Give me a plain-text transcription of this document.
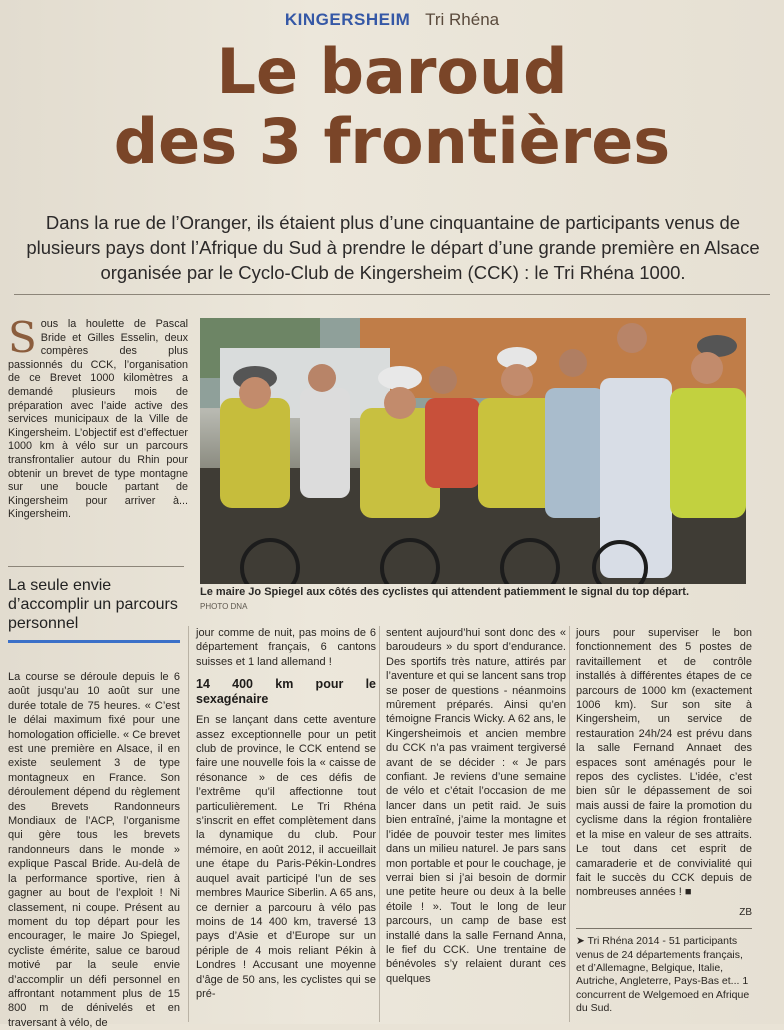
KINGERSHEIM Tri Rhéna
Le baroud
des 3 frontières
Dans la rue de l’Oranger, ils étaient plus d’une cinquantaine de participants venus de plusieurs pays dont l’Afrique du Sud à prendre le départ d’une grande première en Alsace organisée par le Cyclo-Club de Kingersheim (CCK) : le Tri Rhéna 1000.
Sous la houlette de Pascal Bride et Gilles Esselin, deux compères des plus passionnés du CCK, l’organisation de ce Brevet 1000 kilomètres a demandé plusieurs mois de préparation avec l’aide active des services municipaux de la Ville de Kingersheim. L’objectif est d’effectuer 1000 km à vélo sur un parcours transfrontalier autour du Rhin pour obtenir un brevet de type montagne sur une boucle partant de Kingersheim pour arriver à... Kingersheim.
Le maire Jo Spiegel aux côtés des cyclistes qui attendent patiemment le signal du top départ.
PHOTO DNA
La seule envie d’accomplir un parcours personnel

La course se déroule depuis le 6 août jusqu’au 10 août sur une durée totale de 75 heures. « C’est le délai maximum fixé pour une homologation officielle. « Ce brevet est une première en Alsace, il en existe seulement 3 de type montagneux en France. Son déroulement dépend du règlement des Brevets Randonneurs Mondiaux de l’ACP, l’organisme qui gère tous les brevets randonneurs dans le monde » explique Pascal Bride. Au-delà de la performance sportive, rien à gagner au bout de l’exploit ! Ni classement, ni coupe. Présent au moment du top départ pour les encourager, le maire Jo Spiegel, cycliste émérite, salue ce baroud motivé par la seule envie d’accomplir un défi personnel en affrontant notamment plus de 15 800 m de dénivelés et en traversant à vélo, de

jour comme de nuit, pas moins de 6 département français, 6 cantons suisses et 1 land allemand !

14 400 km pour le sexagénaire

En se lançant dans cette aventure assez exceptionnelle pour un petit club de province, le CCK entend se faire une nouvelle fois la « caisse de résonance » de ces défis de l’extrême qu’il affectionne tout particulièrement. Le Tri Rhéna s’inscrit en effet complètement dans la dynamique du club. Pour mémoire, en août 2012, il accueillait une étape du Paris-Pékin-Londres auquel avait participé l’un de ses membres Maurice Siberlin. A 65 ans, ce dernier a parcouru à vélo pas moins de 14 400 km, traversé 13 pays d’Asie et d’Europe sur un périple de 4 mois reliant Pékin à Londres ! Accusant une moyenne d’âge de 50 ans, les cyclistes qui se pré-

sentent aujourd’hui sont donc des « baroudeurs » du sport d’endurance. Des sportifs très nature, attirés par l’aventure et qui se lancent sans trop se poser de questions - néanmoins mûrement préparés. Ainsi qu’en témoigne Francis Wicky. A 62 ans, le Kingersheimois et ancien membre du CCK n’a pas vraiment tergiversé avant de se décider : « Je pars confiant. Je reviens d’une semaine de vélo et c’était l’occasion de me lancer dans un petit raid. Je suis bien entraîné, j’aime la montagne et l’idée de pouvoir tester mes limites dans un milieu naturel. Je pars sans mon portable et pour le couchage, je verrai bien si j’ai besoin de dormir une petite heure ou deux à la belle étoile ! ». Tout le long de leur parcours, un camp de base est installé dans la salle Fernand Anna, le fief du CCK. Une trentaine de bénévoles s’y relaient durant ces quelques

jours pour superviser le bon fonctionnement des 5 postes de ravitaillement et de contrôle installés à différentes étapes de ce parcours de 1000 km (exactement 1006 km). Sur son site à Kingersheim, un service de restauration 24h/24 est prévu dans la salle Fernand Annaet des espaces sont aménagés pour le repos des cyclistes. L’idée, c’est bien sûr le dépassement de soi mais aussi de faire la promotion du cyclisme dans la région frontalière et la mise en valeur de ses attraits. Le tout dans cet esprit de camaraderie et de convivialité qui fait le succès du CCK depuis de nombreuses années ! ■

ZB
➤ Tri Rhéna 2014 - 51 participants venus de 24 départements français, et d’Allemagne, Belgique, Italie, Autriche, Angleterre, Pays-Bas et... 1 concurrent de Welgemoed en Afrique du Sud.
